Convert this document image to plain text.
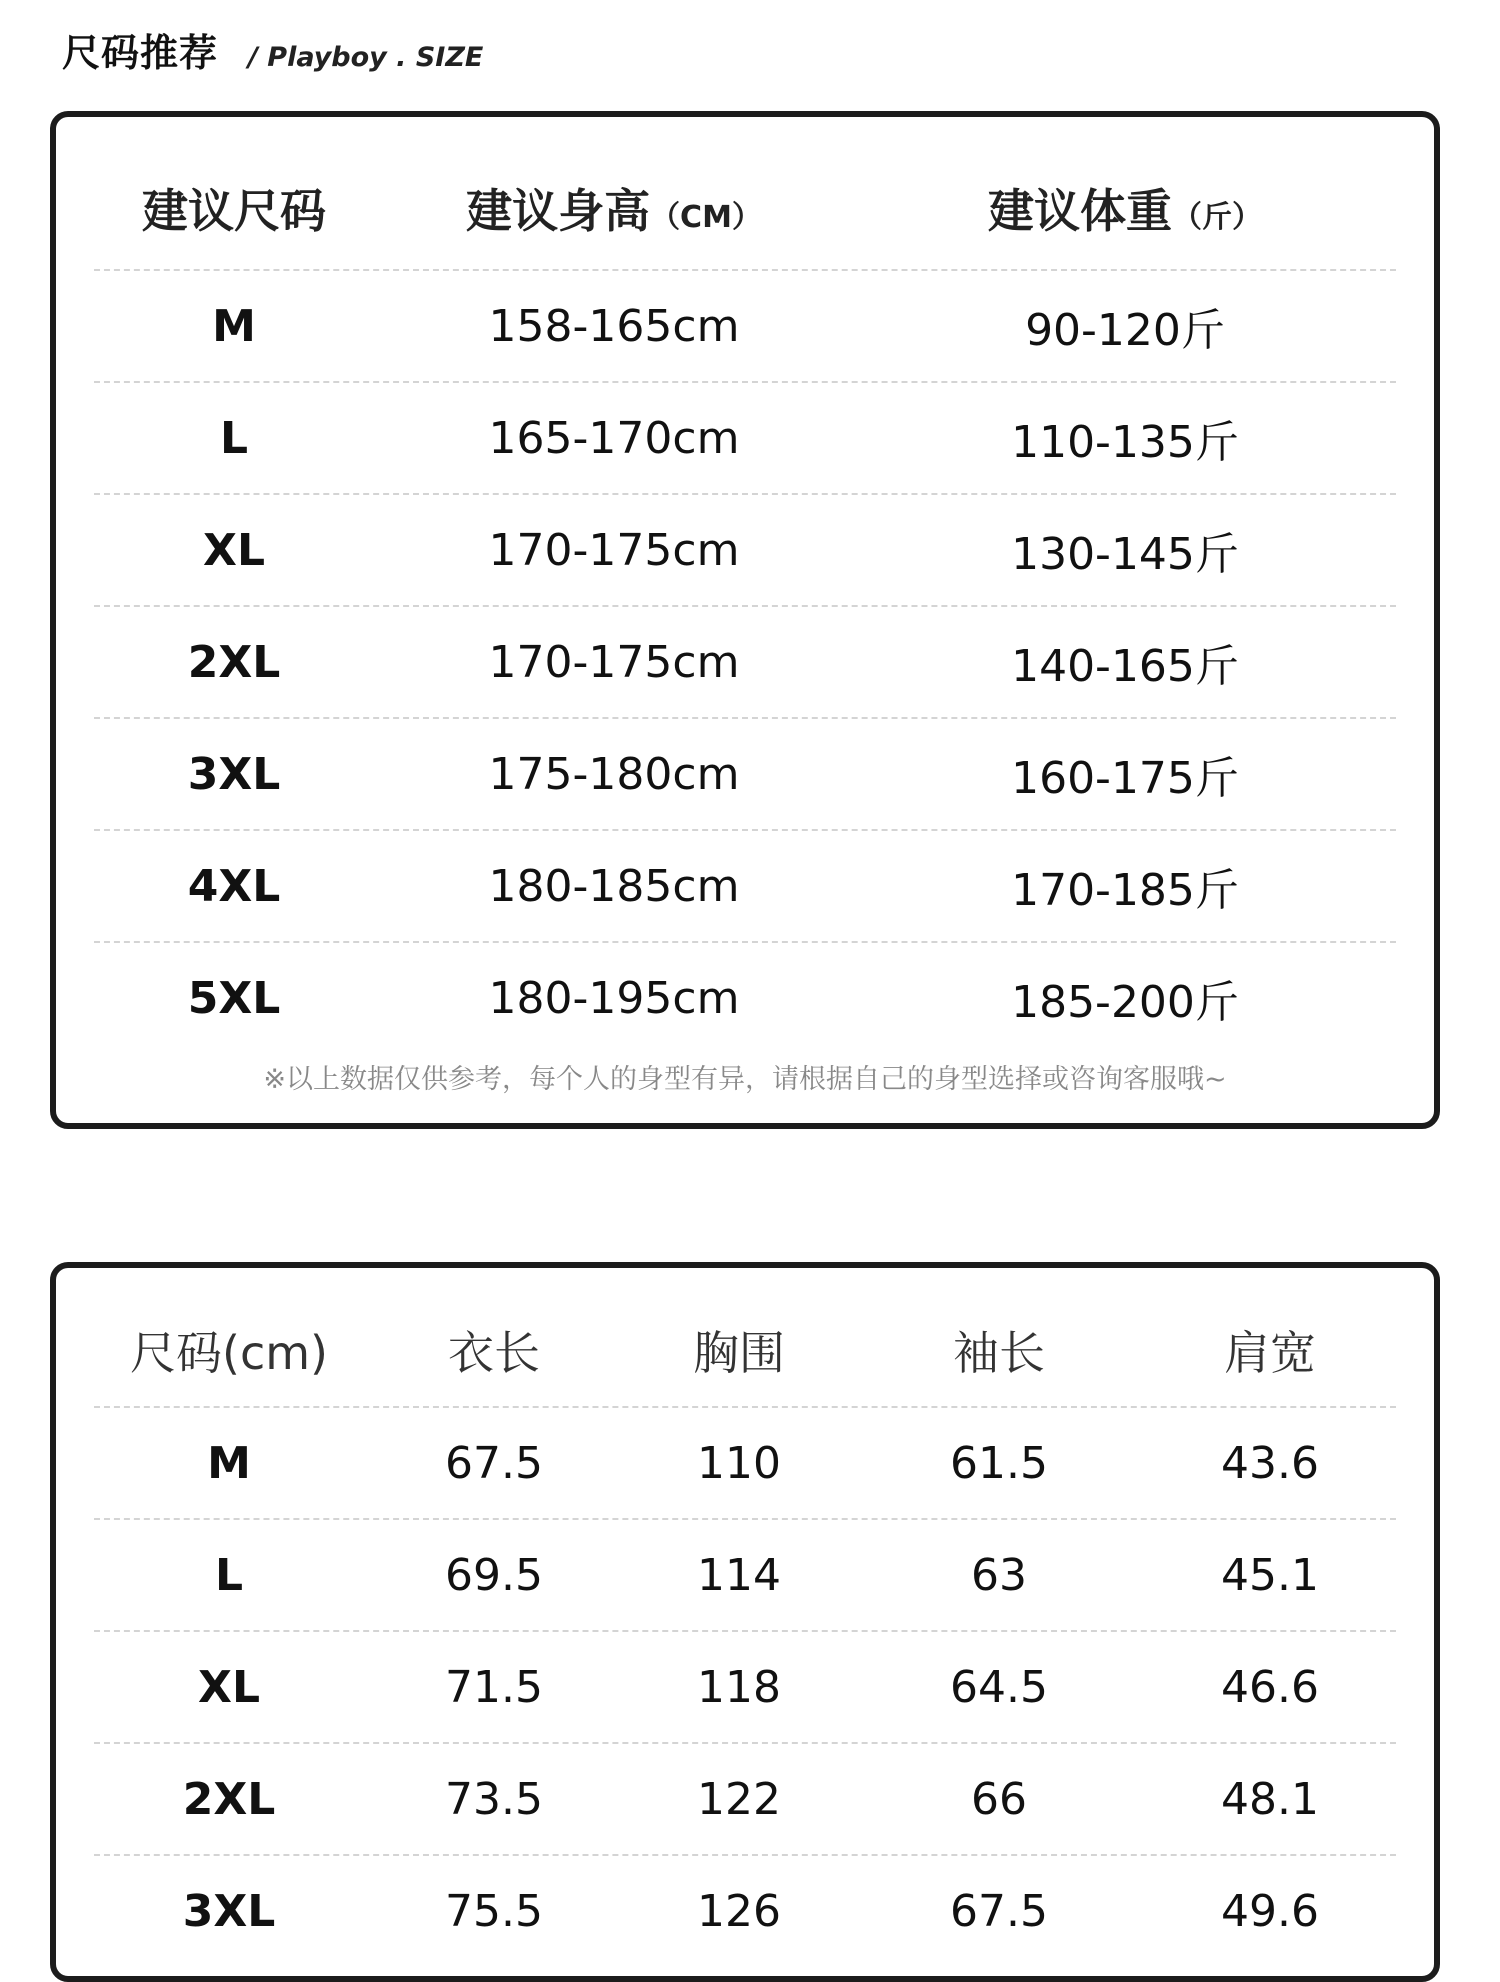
尺码推荐 / Playboy . SIZE
建议尺码	建议身高（CM）	建议体重（斤）
M	158-165cm	90-120斤
L	165-170cm	110-135斤
XL	170-175cm	130-145斤
2XL	170-175cm	140-165斤
3XL	175-180cm	160-175斤
4XL	180-185cm	170-185斤
5XL	180-195cm	185-200斤
※以上数据仅供参考，每个人的身型有异，请根据自己的身型选择或咨询客服哦~
尺码(cm)	衣长	胸围	袖长	肩宽
M	67.5	110	61.5	43.6
L	69.5	114	63	45.1
XL	71.5	118	64.5	46.6
2XL	73.5	122	66	48.1
3XL	75.5	126	67.5	49.6
